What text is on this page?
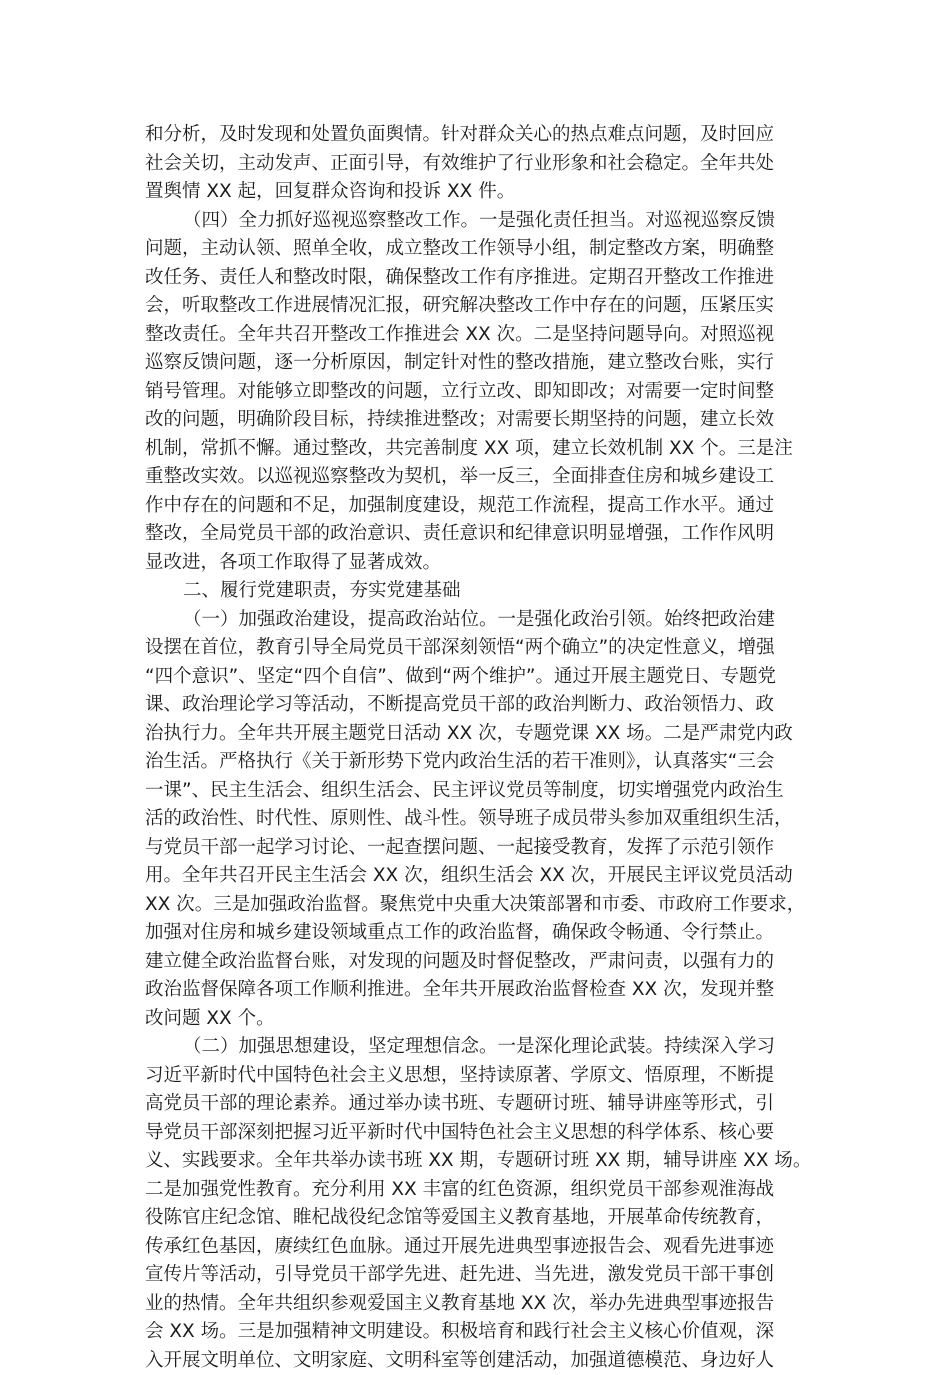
和分析，及时发现和处置负面舆情。针对群众关心的热点难点问题，及时回应
社会关切，主动发声、正面引导，有效维护了行业形象和社会稳定。全年共处
置舆情 XX 起，回复群众咨询和投诉 XX 件。
（四）全力抓好巡视巡察整改工作。一是强化责任担当。对巡视巡察反馈
问题，主动认领、照单全收，成立整改工作领导小组，制定整改方案，明确整
改任务、责任人和整改时限，确保整改工作有序推进。定期召开整改工作推进
会，听取整改工作进展情况汇报，研究解决整改工作中存在的问题，压紧压实
整改责任。全年共召开整改工作推进会 XX 次。二是坚持问题导向。对照巡视
巡察反馈问题，逐一分析原因，制定针对性的整改措施，建立整改台账，实行
销号管理。对能够立即整改的问题，立行立改、即知即改；对需要一定时间整
改的问题，明确阶段目标，持续推进整改；对需要长期坚持的问题，建立长效
机制，常抓不懈。通过整改，共完善制度 XX 项，建立长效机制 XX 个。三是注
重整改实效。以巡视巡察整改为契机，举一反三，全面排查住房和城乡建设工
作中存在的问题和不足，加强制度建设，规范工作流程，提高工作水平。通过
整改，全局党员干部的政治意识、责任意识和纪律意识明显增强，工作作风明
显改进，各项工作取得了显著成效。
二、履行党建职责，夯实党建基础
（一）加强政治建设，提高政治站位。一是强化政治引领。始终把政治建
设摆在首位，教育引导全局党员干部深刻领悟“两个确立”的决定性意义，增强
“四个意识”、坚定“四个自信”、做到“两个维护”。通过开展主题党日、专题党
课、政治理论学习等活动，不断提高党员干部的政治判断力、政治领悟力、政
治执行力。全年共开展主题党日活动 XX 次，专题党课 XX 场。二是严肃党内政
治生活。严格执行《关于新形势下党内政治生活的若干准则》，认真落实“三会
一课”、民主生活会、组织生活会、民主评议党员等制度，切实增强党内政治生
活的政治性、时代性、原则性、战斗性。领导班子成员带头参加双重组织生活，
与党员干部一起学习讨论、一起查摆问题、一起接受教育，发挥了示范引领作
用。全年共召开民主生活会 XX 次，组织生活会 XX 次，开展民主评议党员活动
XX 次。三是加强政治监督。聚焦党中央重大决策部署和市委、市政府工作要求，
加强对住房和城乡建设领域重点工作的政治监督，确保政令畅通、令行禁止。
建立健全政治监督台账，对发现的问题及时督促整改，严肃问责，以强有力的
政治监督保障各项工作顺利推进。全年共开展政治监督检查 XX 次，发现并整
改问题 XX 个。
（二）加强思想建设，坚定理想信念。一是深化理论武装。持续深入学习
习近平新时代中国特色社会主义思想，坚持读原著、学原文、悟原理，不断提
高党员干部的理论素养。通过举办读书班、专题研讨班、辅导讲座等形式，引
导党员干部深刻把握习近平新时代中国特色社会主义思想的科学体系、核心要
义、实践要求。全年共举办读书班 XX 期，专题研讨班 XX 期，辅导讲座 XX 场。
二是加强党性教育。充分利用 XX 丰富的红色资源，组织党员干部参观淮海战
役陈官庄纪念馆、睢杞战役纪念馆等爱国主义教育基地，开展革命传统教育，
传承红色基因，赓续红色血脉。通过开展先进典型事迹报告会、观看先进事迹
宣传片等活动，引导党员干部学先进、赶先进、当先进，激发党员干部干事创
业的热情。全年共组织参观爱国主义教育基地 XX 次，举办先进典型事迹报告
会 XX 场。三是加强精神文明建设。积极培育和践行社会主义核心价值观，深
入开展文明单位、文明家庭、文明科室等创建活动，加强道德模范、身边好人
